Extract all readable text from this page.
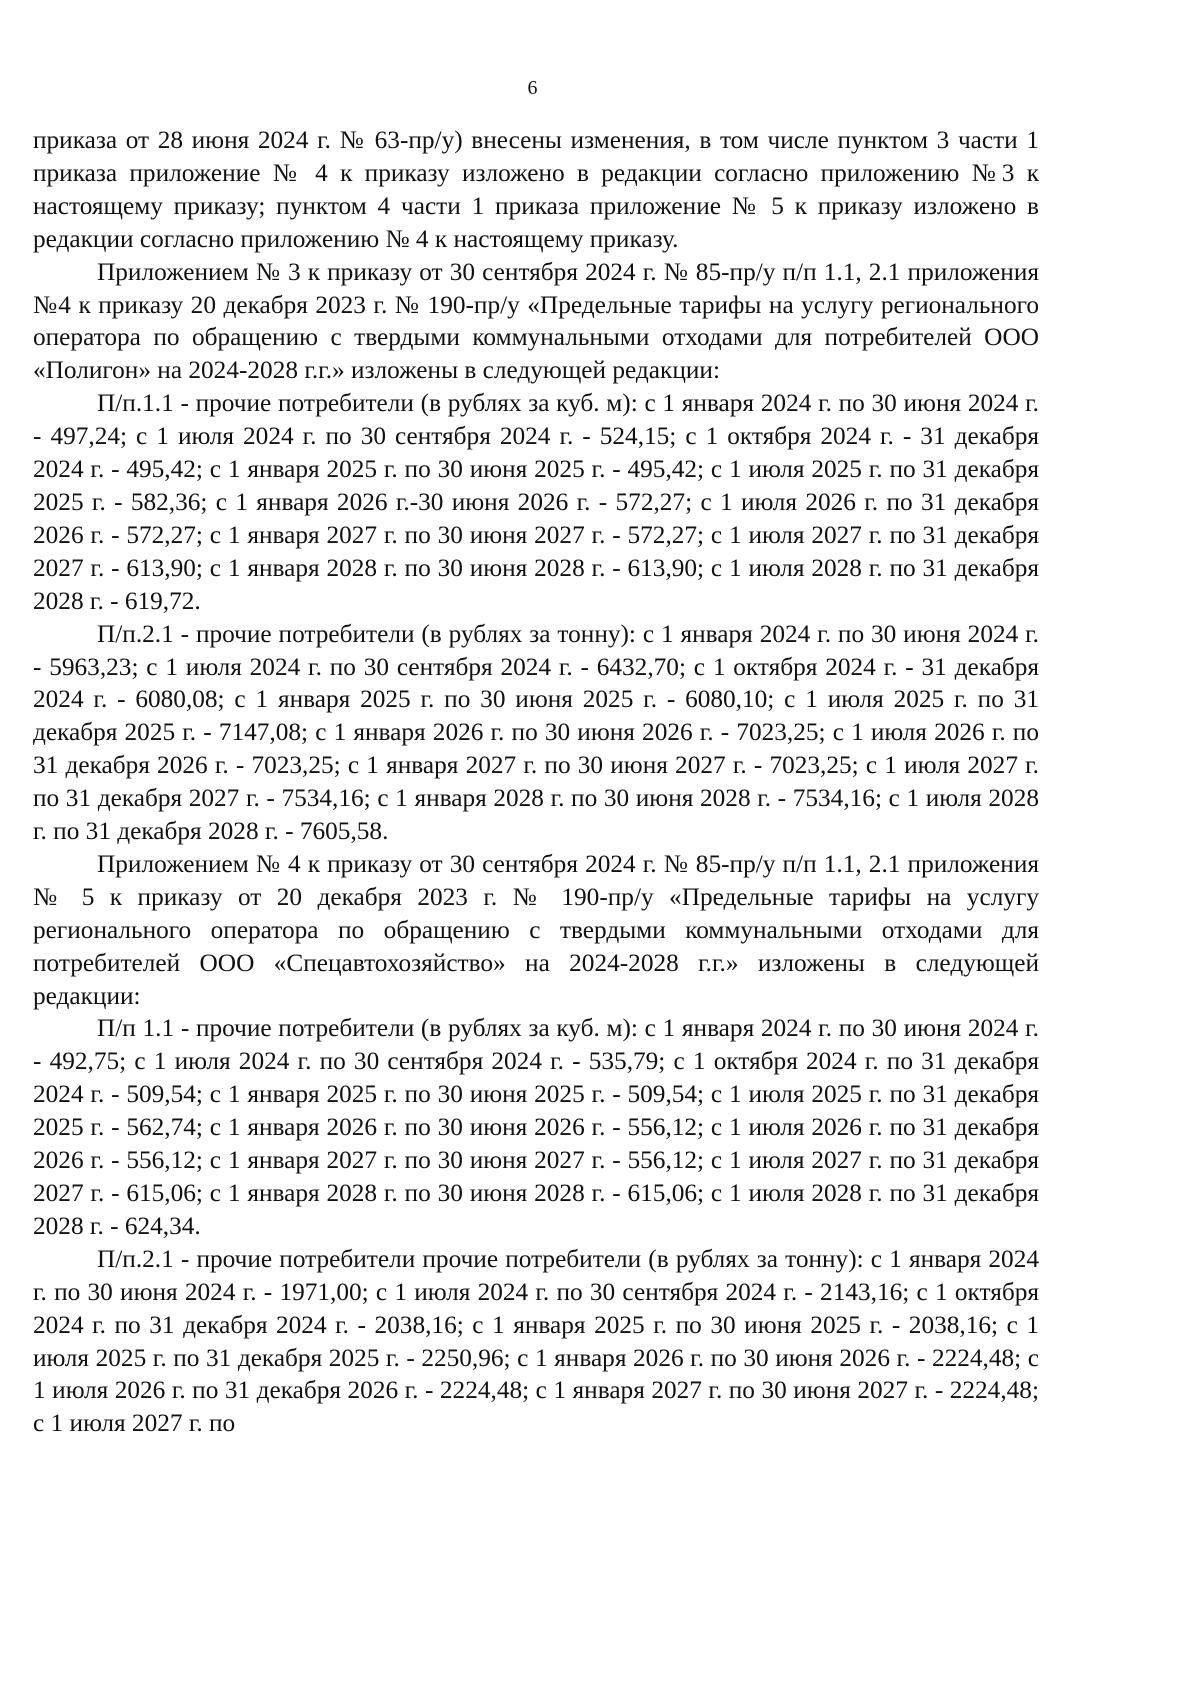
6

приказа от 28 июня 2024 г. № 63-пр/у) внесены изменения, в том числе пунктом 3 части 1 приказа приложение № 4 к приказу изложено в редакции согласно приложению №3 к настоящему приказу; пунктом 4 части 1 приказа приложение № 5 к приказу изложено в редакции согласно приложению № 4 к настоящему приказу.

Приложением № 3 к приказу от 30 сентября 2024 г. № 85-пр/у п/п 1.1, 2.1 приложения №4 к приказу 20 декабря 2023 г. № 190-пр/у «Предельные тарифы на услугу регионального оператора по обращению с твердыми коммунальными отходами для потребителей ООО «Полигон» на 2024-2028 г.г.» изложены в следующей редакции:

П/п.1.1 - прочие потребители (в рублях за куб. м): с 1 января 2024 г. по 30 июня 2024 г. - 497,24; с 1 июля 2024 г. по 30 сентября 2024 г. - 524,15; с 1 октября 2024 г. - 31 декабря 2024 г. - 495,42; с 1 января 2025 г. по 30 июня 2025 г. - 495,42; с 1 июля 2025 г. по 31 декабря 2025 г. - 582,36; с 1 января 2026 г.-30 июня 2026 г. - 572,27; с 1 июля 2026 г. по 31 декабря 2026 г. - 572,27; с 1 января 2027 г. по 30 июня 2027 г. - 572,27; с 1 июля 2027 г. по 31 декабря 2027 г. - 613,90; с 1 января 2028 г. по 30 июня 2028 г. - 613,90; с 1 июля 2028 г. по 31 декабря 2028 г. - 619,72.

П/п.2.1 - прочие потребители (в рублях за тонну): с 1 января 2024 г. по 30 июня 2024 г. - 5963,23; с 1 июля 2024 г. по 30 сентября 2024 г. - 6432,70; с 1 октября 2024 г. - 31 декабря 2024 г. - 6080,08; с 1 января 2025 г. по 30 июня 2025 г. - 6080,10; с 1 июля 2025 г. по 31 декабря 2025 г. - 7147,08; с 1 января 2026 г. по 30 июня 2026 г. - 7023,25; с 1 июля 2026 г. по 31 декабря 2026 г. - 7023,25; с 1 января 2027 г. по 30 июня 2027 г. - 7023,25; с 1 июля 2027 г. по 31 декабря 2027 г. - 7534,16; с 1 января 2028 г. по 30 июня 2028 г. - 7534,16; с 1 июля 2028 г. по 31 декабря 2028 г. - 7605,58.

Приложением № 4 к приказу от 30 сентября 2024 г. № 85-пр/у п/п 1.1, 2.1 приложения № 5 к приказу от 20 декабря 2023 г. № 190-пр/у «Предельные тарифы на услугу регионального оператора по обращению с твердыми коммунальными отходами для потребителей ООО «Спецавтохозяйство» на 2024-2028 г.г.» изложены в следующей редакции:

П/п 1.1 - прочие потребители (в рублях за куб. м): с 1 января 2024 г. по 30 июня 2024 г. - 492,75; с 1 июля 2024 г. по 30 сентября 2024 г. - 535,79; с 1 октября 2024 г. по 31 декабря 2024 г. - 509,54; с 1 января 2025 г. по 30 июня 2025 г. - 509,54; с 1 июля 2025 г. по 31 декабря 2025 г. - 562,74; с 1 января 2026 г. по 30 июня 2026 г. - 556,12; с 1 июля 2026 г. по 31 декабря 2026 г. - 556,12; с 1 января 2027 г. по 30 июня 2027 г. - 556,12; с 1 июля 2027 г. по 31 декабря 2027 г. - 615,06; с 1 января 2028 г. по 30 июня 2028 г. - 615,06; с 1 июля 2028 г. по 31 декабря 2028 г. - 624,34.

П/п.2.1 - прочие потребители прочие потребители (в рублях за тонну): с 1 января 2024 г. по 30 июня 2024 г. - 1971,00; с 1 июля 2024 г. по 30 сентября 2024 г. - 2143,16; с 1 октября 2024 г. по 31 декабря 2024 г. - 2038,16; с 1 января 2025 г. по 30 июня 2025 г. - 2038,16; с 1 июля 2025 г. по 31 декабря 2025 г. - 2250,96; с 1 января 2026 г. по 30 июня 2026 г. - 2224,48; с 1 июля 2026 г. по 31 декабря 2026 г. - 2224,48; с 1 января 2027 г. по 30 июня 2027 г. - 2224,48; с 1 июля 2027 г. по
